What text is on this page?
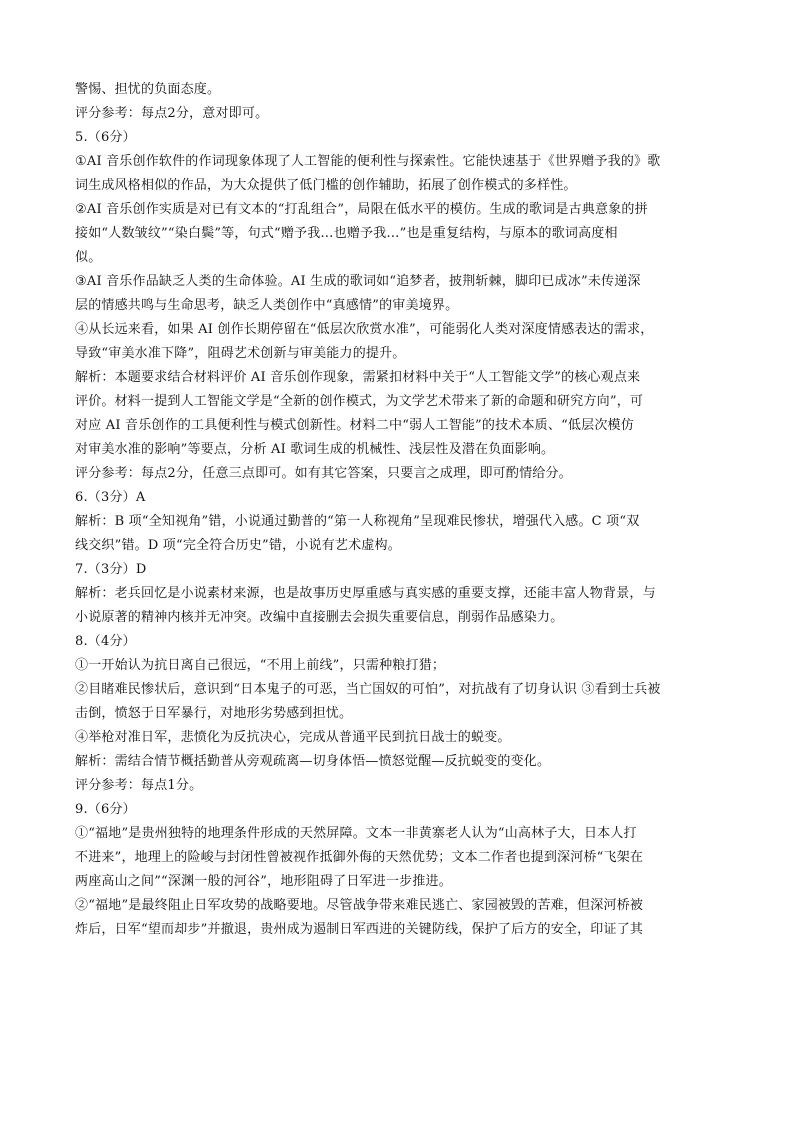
警惕、担忧的负面态度。
评分参考：每点2分，意对即可。
5.（6分）
①AI 音乐创作软件的作词现象体现了人工智能的便利性与探索性。它能快速基于《世界赠予我的》歌
词生成风格相似的作品，为大众提供了低门槛的创作辅助，拓展了创作模式的多样性。
②AI 音乐创作实质是对已有文本的“打乱组合”，局限在低水平的模仿。生成的歌词是古典意象的拼
接如“人数皱纹”“染白鬓”等，句式“赠予我…也赠予我…”也是重复结构，与原本的歌词高度相
似。
③AI 音乐作品缺乏人类的生命体验。AI 生成的歌词如“追梦者，披荆斩棘，脚印已成冰”未传递深
层的情感共鸣与生命思考，缺乏人类创作中“真感情”的审美境界。
④从长远来看，如果 AI 创作长期停留在“低层次欣赏水准”，可能弱化人类对深度情感表达的需求，
导致“审美水准下降”，阻碍艺术创新与审美能力的提升。
解析：本题要求结合材料评价 AI 音乐创作现象，需紧扣材料中关于“人工智能文学”的核心观点来
评价。材料一提到人工智能文学是“全新的创作模式，为文学艺术带来了新的命题和研究方向”，可
对应 AI 音乐创作的工具便利性与模式创新性。材料二中“弱人工智能”的技术本质、“低层次模仿
对审美水准的影响”等要点，分析 AI 歌词生成的机械性、浅层性及潜在负面影响。
评分参考：每点2分，任意三点即可。如有其它答案，只要言之成理，即可酌情给分。
6.（3分）A
解析：B 项“全知视角”错，小说通过勤普的“第一人称视角”呈现难民惨状，增强代入感。C 项“双
线交织”错。D 项“完全符合历史”错，小说有艺术虚构。
7.（3分）D
解析：老兵回忆是小说素材来源，也是故事历史厚重感与真实感的重要支撑，还能丰富人物背景，与
小说原著的精神内核并无冲突。改编中直接删去会损失重要信息，削弱作品感染力。
8.（4分）
①一开始认为抗日离自己很远，“不用上前线”，只需种粮打猎；
②目睹难民惨状后，意识到“日本鬼子的可恶，当亡国奴的可怕”，对抗战有了切身认识 ③看到士兵被
击倒，愤怒于日军暴行，对地形劣势感到担忧。
④举枪对准日军，悲愤化为反抗决心，完成从普通平民到抗日战士的蜕变。
解析：需结合情节概括勤普从旁观疏离—切身体悟—愤怒觉醒—反抗蜕变的变化。
评分参考：每点1分。
9.（6分）
①“福地”是贵州独特的地理条件形成的天然屏障。文本一非黄寨老人认为“山高林子大，日本人打
不进来”，地理上的险峻与封闭性曾被视作抵御外侮的天然优势；文本二作者也提到深河桥“飞架在
两座高山之间”“深渊一般的河谷”，地形阻碍了日军进一步推进。
②“福地”是最终阻止日军攻势的战略要地。尽管战争带来难民逃亡、家园被毁的苦难，但深河桥被
炸后，日军“望而却步”并撤退，贵州成为遏制日军西进的关键防线，保护了后方的安全，印证了其
